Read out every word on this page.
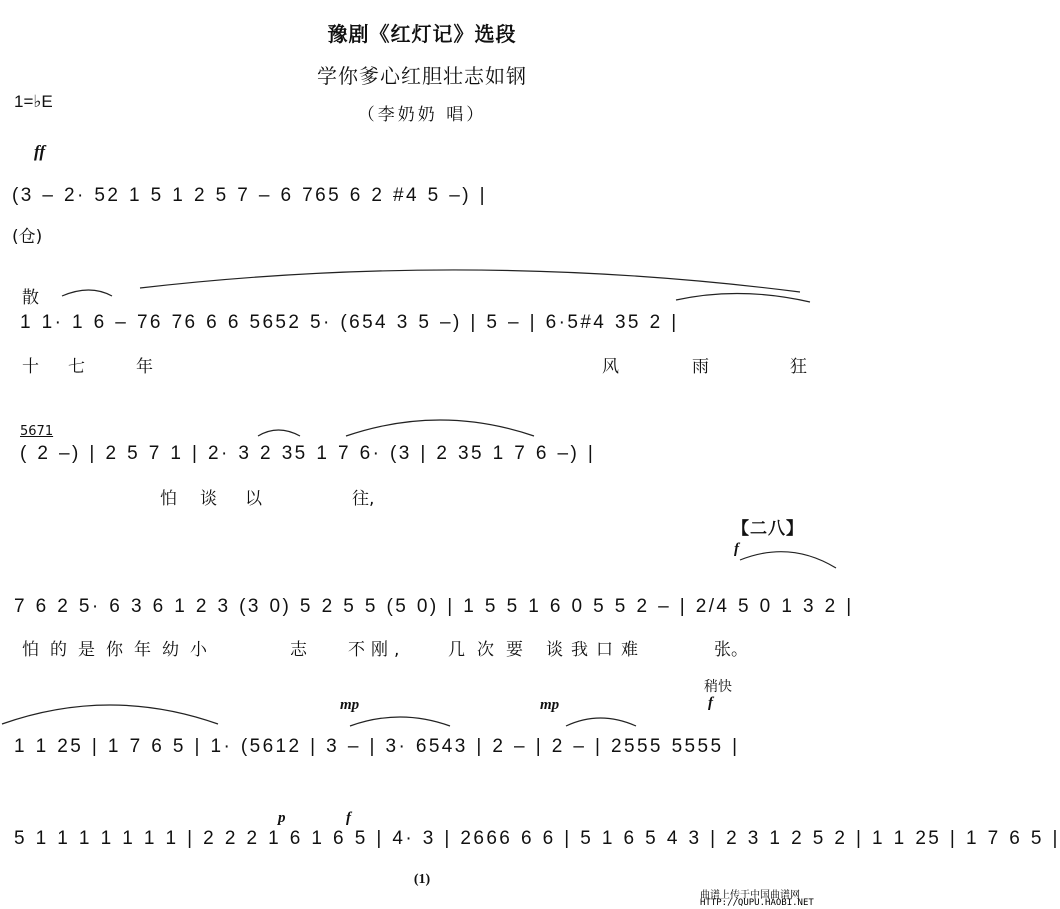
豫剧《红灯记》选段
学你爹心红胆壮志如钢
（李奶奶 唱）
1=♭E
ff
(3 – 2· 52 1 5 1 2 5 7 – 6 765 6 2 #4 5 –) |
(仓)
散
1 1· 1 6 – 76 76 6 6 5652 5· (654 3 5 –) | 5 – | 6·5#4 35 2 |
十 七	年	风	雨	狂
5671
( 2 –) | 2 5 7 1 | 2· 3 2 35 1 7 6· (3 | 2 35 1 7 6 –) |
怕 谈 以	往,
【二八】
f
7 6 2 5· 6 3 6 1 2 3 (3 0) 5 2 5 5 (5 0) | 1 5 5 1 6 0 5 5 2 – | 2/4 5 0 1 3 2 |
怕的是你年幼小	志 不刚,	几次要 谈我口难	张。
mp	mp
稍快
f
1 1 25 | 1 7 6 5 | 1· (5612 | 3 – | 3· 6543 | 2 – | 2 – | 2555 5555 |
p	f
5 1 1 1 1 1 1 1 | 2 2 2 1 6 1 6 5 | 4· 3 | 2666 6 6 | 5 1 6 5 4 3 | 2 3 1 2 5 2 | 1 1 25 | 1 7 6 5 |
(1)
曲谱上传于中国曲谱网
HTTP://QUPU.HAOBI.NET
